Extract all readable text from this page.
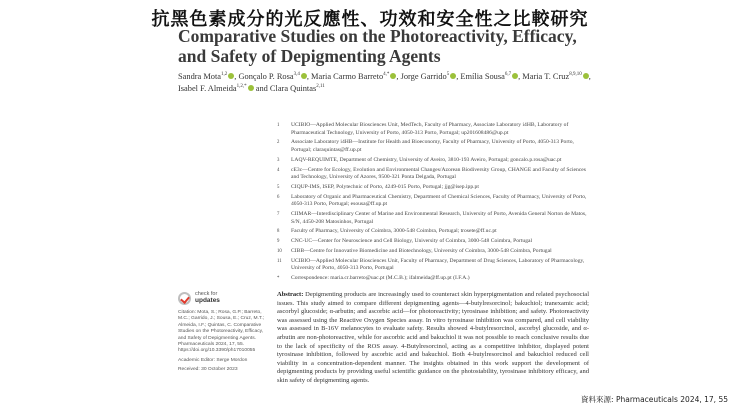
抗黑色素成分的光反應性、功效和安全性之比較研究
Comparative Studies on the Photoreactivity, Efficacy, and Safety of Depigmenting Agents
Sandra Mota$^{1,2}$ , Gonçalo P. Rosa$^{3,4}$ , Maria Carmo Barreto$^{4,*}$ , Jorge Garrido$^5$ , Emília Sousa$^{6,7}$ , Maria T. Cruz$^{8,9,10}$ , Isabel F. Almeida$^{1,2,*}$ and Clara Quintas$^{2,11}$
1 UCIBIO—Applied Molecular Biosciences Unit, MedTech, Faculty of Pharmacy, Associate Laboratory i4HB, Laboratory of Pharmaceutical Technology, University of Porto, 4050-313 Porto, Portugal; up201608486@up.pt
2 Associate Laboratory i4HB—Institute for Health and Bioeconomy, Faculty of Pharmacy, University of Porto, 4050-313 Porto, Portugal; claraquintas@ff.up.pt
3 LAQV-REQUIMTE, Department of Chemistry, University of Aveiro, 3810-193 Aveiro, Portugal; goncalo.p.rosa@uac.pt
4 cE3c—Centre for Ecology, Evolution and Environmental Changes/Azorean Biodiversity Group, CHANGE and Faculty of Sciences and Technology, University of Azores, 9500-321 Ponta Delgada, Portugal
5 CIQUP-IMS, ISEP, Polytechnic of Porto, 4249-015 Porto, Portugal; jjg@isep.ipp.pt
6 Laboratory of Organic and Pharmaceutical Chemistry, Department of Chemical Sciences, Faculty of Pharmacy, University of Porto, 4050-313 Porto, Portugal; esousa@ff.up.pt
7 CIIMAR—Interdisciplinary Center of Marine and Environmental Research, University of Porto, Avenida General Norton de Matos, S/N, 4450-208 Matosinhos, Portugal
8 Faculty of Pharmacy, University of Coimbra, 3000-548 Coimbra, Portugal; trosete@ff.uc.pt
9 CNC-UC—Center for Neuroscience and Cell Biology, University of Coimbra, 3000-548 Coimbra, Portugal
10 CIBB—Centre for Innovative Biomedicine and Biotechnology, University of Coimbra, 3000-548 Coimbra, Portugal
11 UCIBIO—Applied Molecular Biosciences Unit, Faculty of Pharmacy, Department of Drug Sciences, Laboratory of Pharmacology, University of Porto, 4050-313 Porto, Portugal
* Correspondence: maria.cr.barreto@uac.pt (M.C.B.); ifalmeida@ff.up.pt (I.F.A.)
check for
updates

Citation: Mota, S.; Rosa, G.P.; Barreto, M.C.; Garrido, J.; Sousa, E.; Cruz, M.T.; Almeida, I.F.; Quintas, C. Comparative Studies on the Photoreactivity, Efficacy, and Safety of Depigmenting Agents. Pharmaceuticals 2024, 17, 55. https://doi.org/10.3390/ph17010055

Academic Editor: Serge Mordon

Received: 30 October 2023

Abstract: Depigmenting products are increasingly used to counteract skin hyperpigmentation and related psychosocial issues. This study aimed to compare different depigmenting agents—4-butylresorcinol; bakuchiol; tranexamic acid; ascorbyl glucoside; α-arbutin; and ascorbic acid—for photoreactivity; tyrosinase inhibition; and safety. Photoreactivity was assessed using the Reactive Oxygen Species assay. In vitro tyrosinase inhibition was compared, and cell viability was assessed in B-16V melanocytes to evaluate safety. Results showed 4-butylresorcinol, ascorbyl glucoside, and α-arbutin are non-photoreactive, while for ascorbic acid and bakuchiol it was not possible to reach conclusive results due to the lack of specificity of the ROS assay. 4-Butylresorcinol, acting as a competitive inhibitor, displayed potent tyrosinase inhibition, followed by ascorbic acid and bakuchiol. Both 4-butylresorcinol and bakuchiol reduced cell viability in a concentration-dependent manner. The insights obtained in this work support the development of depigmenting products by providing useful scientific guidance on the photostability, tyrosinase inhibitory efficacy, and skin safety of depigmenting agents.
資料來源: Pharmaceuticals 2024, 17, 55
